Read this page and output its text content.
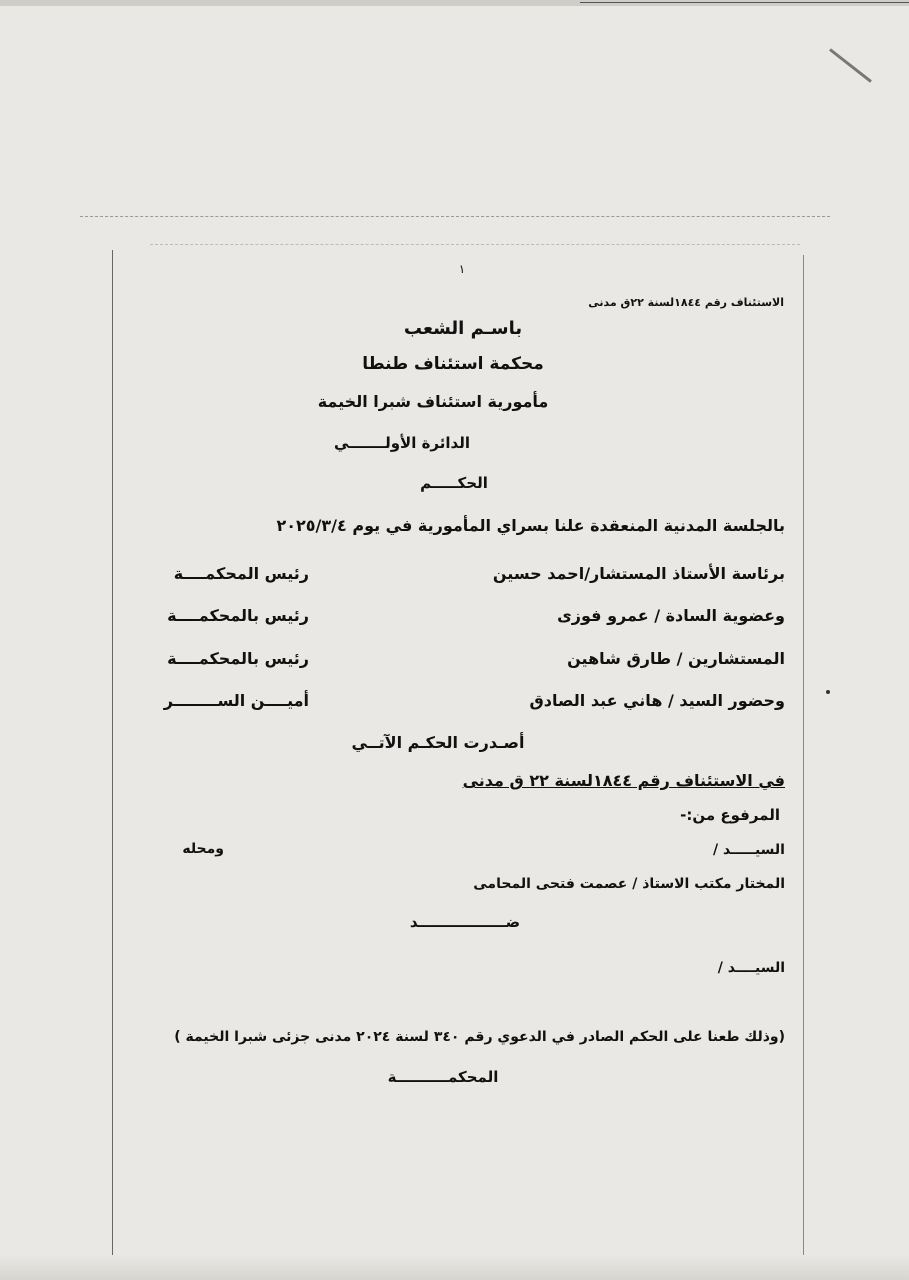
١
الاستئناف رقم ١٨٤٤لسنة ٢٢ق مدنى
باسـم الشعب
محكمة استئناف طنطا
مأمورية استئناف شبرا الخيمة
الدائرة الأولـــــــي
الحكـــــم
بالجلسة المدنية المنعقدة علنا بسراي المأمورية في يوم ٢٠٢٥/٣/٤
برئاسة الأستاذ المستشار/احمد حسين
رئيس المحكمــــة
وعضوية السادة / عمرو فوزى
رئيس بالمحكمــــة
المستشارين / طارق شاهين
رئيس بالمحكمــــة
وحضور السيد / هاني عبد الصادق
أميــــن الســــــــر
أصـدرت الحكـم الآتــي
في الاستئناف رقم ١٨٤٤لسنة ٢٢ ق مدنى
المرفوع من:-
السيـــــد /
ومحله
المختار مكتب الاستاذ / عصمت فتحى المحامى
ضـــــــــــــــــد
السيــــد /
(وذلك طعنا على الحكم الصادر في الدعوي رقم ٣٤٠ لسنة ٢٠٢٤ مدنى جزئى شبرا الخيمة )
المحكمــــــــــة
